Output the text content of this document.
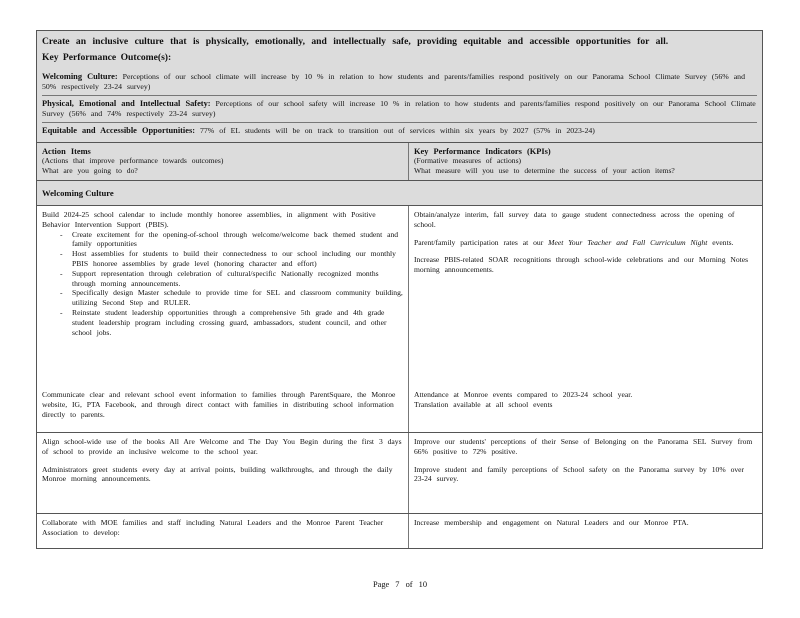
Create an inclusive culture that is physically, emotionally, and intellectually safe, providing equitable and accessible opportunities for all.
Key Performance Outcome(s):
Welcoming Culture: Perceptions of our school climate will increase by 10 % in relation to how students and parents/families respond positively on our Panorama School Climate Survey (56% and 50% respectively 23-24 survey)
Physical, Emotional and Intellectual Safety: Perceptions of our school safety will increase 10 % in relation to how students and parents/families respond positively on our Panorama School Climate Survey (56% and 74% respectively 23-24 survey)
Equitable and Accessible Opportunities: 77% of EL students will be on track to transition out of services within six years by 2027 (57% in 2023-24)
Action Items
(Actions that improve performance towards outcomes)
What are you going to do?
Key Performance Indicators (KPIs)
(Formative measures of actions)
What measure will you use to determine the success of your action items?
Welcoming Culture

Build 2024-25 school calendar to include monthly honoree assemblies, in alignment with Positive Behavior Intervention Support (PBIS).

- Create excitement for the opening-of-school through welcome/welcome back themed student and family opportunities
- Host assemblies for students to build their connectedness to our school including our monthly PBIS honoree assemblies by grade level (honoring character and effort)
- Support representation through celebration of cultural/specific Nationally recognized months through morning announcements.
- Specifically design Master schedule to provide time for SEL and classroom community building, utilizing Second Step and RULER.
- Reinstate student leadership opportunities through a comprehensive 5th grade and 4th grade student leadership program including crossing guard, ambassadors, student council, and other school jobs.

Obtain/analyze interim, fall survey data to gauge student connectedness across the opening of school.

Parent/family participation rates at our Meet Your Teacher and Fall Curriculum Night events.

Increase PBIS-related SOAR recognitions through school-wide celebrations and our Morning Notes morning announcements.

Communicate clear and relevant school event information to families through ParentSquare, the Monroe website, IG, PTA Facebook, and through direct contact with families in distributing school information directly to parents.

Attendance at Monroe events compared to 2023-24 school year.

Translation available at all school events

Align school-wide use of the books All Are Welcome and The Day You Begin during the first 3 days of school to provide an inclusive welcome to the school year.

Administrators greet students every day at arrival points, building walkthroughs, and through the daily Monroe morning announcements.

Improve our students' perceptions of their Sense of Belonging on the Panorama SEL Survey from 66% positive to 72% positive.

Improve student and family perceptions of School safety on the Panorama survey by 10% over 23-24 survey.

Collaborate with MOE families and staff including Natural Leaders and the Monroe Parent Teacher Association to develop:

Increase membership and engagement on Natural Leaders and our Monroe PTA.

Page 7 of 10
